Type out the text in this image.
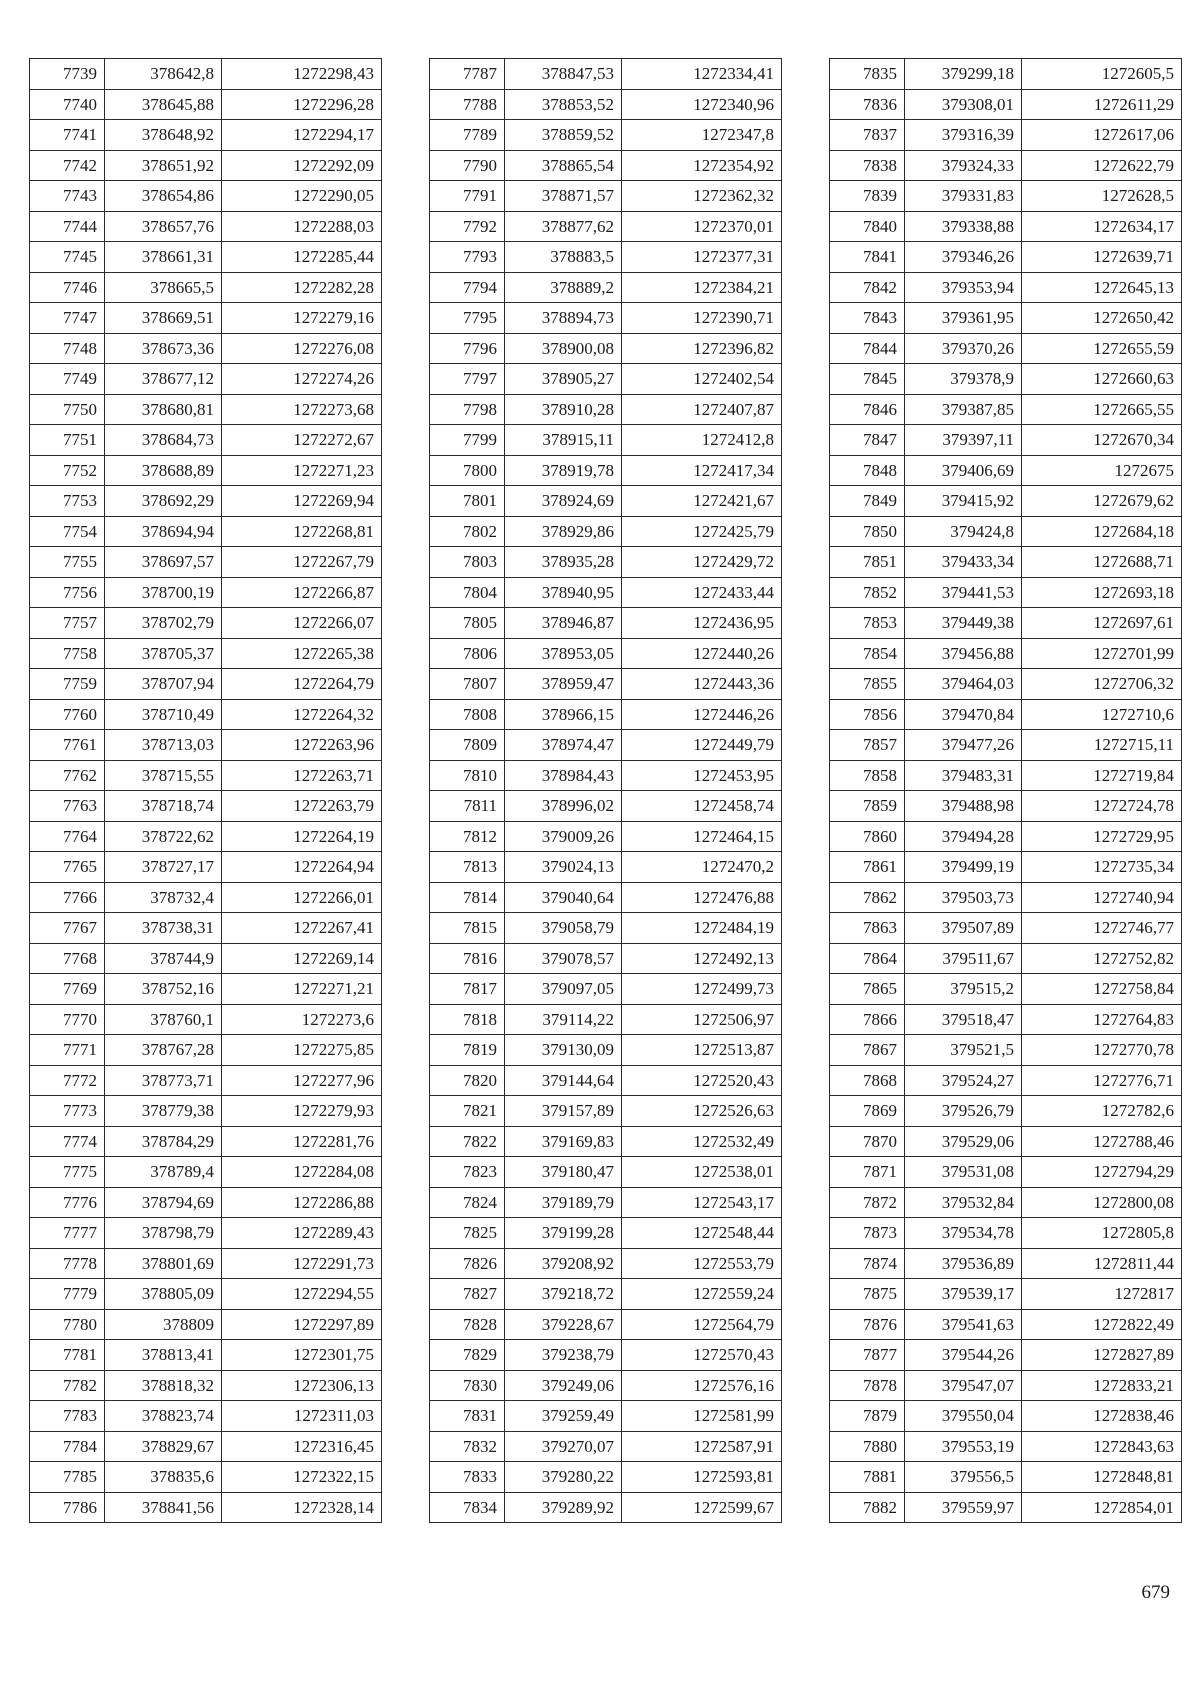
7739	378642,8	1272298,43
7740	378645,88	1272296,28
7741	378648,92	1272294,17
7742	378651,92	1272292,09
7743	378654,86	1272290,05
7744	378657,76	1272288,03
7745	378661,31	1272285,44
7746	378665,5	1272282,28
7747	378669,51	1272279,16
7748	378673,36	1272276,08
7749	378677,12	1272274,26
7750	378680,81	1272273,68
7751	378684,73	1272272,67
7752	378688,89	1272271,23
7753	378692,29	1272269,94
7754	378694,94	1272268,81
7755	378697,57	1272267,79
7756	378700,19	1272266,87
7757	378702,79	1272266,07
7758	378705,37	1272265,38
7759	378707,94	1272264,79
7760	378710,49	1272264,32
7761	378713,03	1272263,96
7762	378715,55	1272263,71
7763	378718,74	1272263,79
7764	378722,62	1272264,19
7765	378727,17	1272264,94
7766	378732,4	1272266,01
7767	378738,31	1272267,41
7768	378744,9	1272269,14
7769	378752,16	1272271,21
7770	378760,1	1272273,6
7771	378767,28	1272275,85
7772	378773,71	1272277,96
7773	378779,38	1272279,93
7774	378784,29	1272281,76
7775	378789,4	1272284,08
7776	378794,69	1272286,88
7777	378798,79	1272289,43
7778	378801,69	1272291,73
7779	378805,09	1272294,55
7780	378809	1272297,89
7781	378813,41	1272301,75
7782	378818,32	1272306,13
7783	378823,74	1272311,03
7784	378829,67	1272316,45
7785	378835,6	1272322,15
7786	378841,56	1272328,14
7787	378847,53	1272334,41
7788	378853,52	1272340,96
7789	378859,52	1272347,8
7790	378865,54	1272354,92
7791	378871,57	1272362,32
7792	378877,62	1272370,01
7793	378883,5	1272377,31
7794	378889,2	1272384,21
7795	378894,73	1272390,71
7796	378900,08	1272396,82
7797	378905,27	1272402,54
7798	378910,28	1272407,87
7799	378915,11	1272412,8
7800	378919,78	1272417,34
7801	378924,69	1272421,67
7802	378929,86	1272425,79
7803	378935,28	1272429,72
7804	378940,95	1272433,44
7805	378946,87	1272436,95
7806	378953,05	1272440,26
7807	378959,47	1272443,36
7808	378966,15	1272446,26
7809	378974,47	1272449,79
7810	378984,43	1272453,95
7811	378996,02	1272458,74
7812	379009,26	1272464,15
7813	379024,13	1272470,2
7814	379040,64	1272476,88
7815	379058,79	1272484,19
7816	379078,57	1272492,13
7817	379097,05	1272499,73
7818	379114,22	1272506,97
7819	379130,09	1272513,87
7820	379144,64	1272520,43
7821	379157,89	1272526,63
7822	379169,83	1272532,49
7823	379180,47	1272538,01
7824	379189,79	1272543,17
7825	379199,28	1272548,44
7826	379208,92	1272553,79
7827	379218,72	1272559,24
7828	379228,67	1272564,79
7829	379238,79	1272570,43
7830	379249,06	1272576,16
7831	379259,49	1272581,99
7832	379270,07	1272587,91
7833	379280,22	1272593,81
7834	379289,92	1272599,67
7835	379299,18	1272605,5
7836	379308,01	1272611,29
7837	379316,39	1272617,06
7838	379324,33	1272622,79
7839	379331,83	1272628,5
7840	379338,88	1272634,17
7841	379346,26	1272639,71
7842	379353,94	1272645,13
7843	379361,95	1272650,42
7844	379370,26	1272655,59
7845	379378,9	1272660,63
7846	379387,85	1272665,55
7847	379397,11	1272670,34
7848	379406,69	1272675
7849	379415,92	1272679,62
7850	379424,8	1272684,18
7851	379433,34	1272688,71
7852	379441,53	1272693,18
7853	379449,38	1272697,61
7854	379456,88	1272701,99
7855	379464,03	1272706,32
7856	379470,84	1272710,6
7857	379477,26	1272715,11
7858	379483,31	1272719,84
7859	379488,98	1272724,78
7860	379494,28	1272729,95
7861	379499,19	1272735,34
7862	379503,73	1272740,94
7863	379507,89	1272746,77
7864	379511,67	1272752,82
7865	379515,2	1272758,84
7866	379518,47	1272764,83
7867	379521,5	1272770,78
7868	379524,27	1272776,71
7869	379526,79	1272782,6
7870	379529,06	1272788,46
7871	379531,08	1272794,29
7872	379532,84	1272800,08
7873	379534,78	1272805,8
7874	379536,89	1272811,44
7875	379539,17	1272817
7876	379541,63	1272822,49
7877	379544,26	1272827,89
7878	379547,07	1272833,21
7879	379550,04	1272838,46
7880	379553,19	1272843,63
7881	379556,5	1272848,81
7882	379559,97	1272854,01
679
